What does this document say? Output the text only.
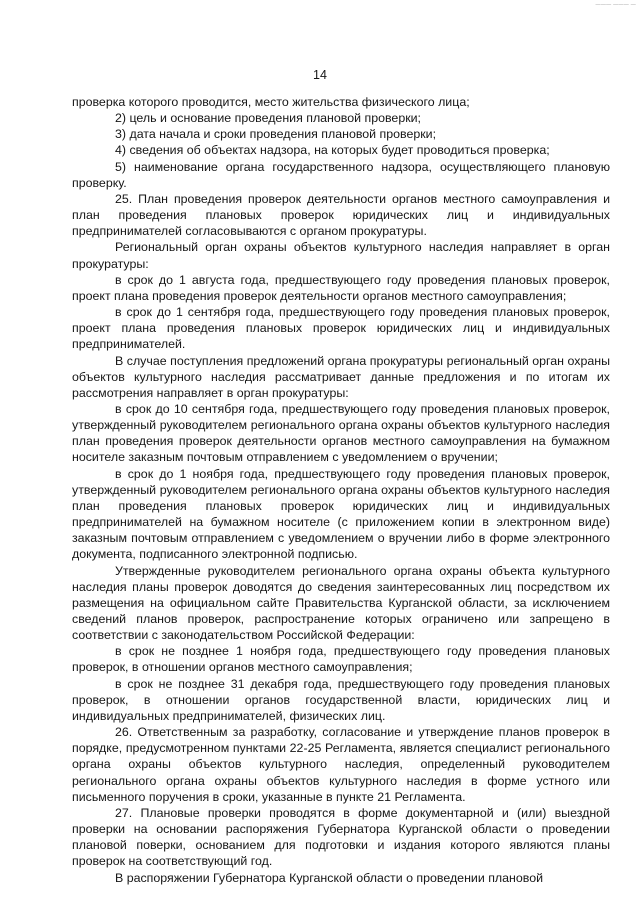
——— ——— —
14

проверка которого проводится, место жительства физического лица;

2) цель и основание проведения плановой проверки;

3) дата начала и сроки проведения плановой проверки;

4) сведения об объектах надзора, на которых будет проводиться проверка;

5) наименование органа государственного надзора, осуществляющего плановую проверку.

25. План проведения проверок деятельности органов местного самоуправления и план проведения плановых проверок юридических лиц и индивидуальных предпринимателей согласовываются с органом прокуратуры.

Региональный орган охраны объектов культурного наследия направляет в орган прокуратуры:

в срок до 1 августа года, предшествующего году проведения плановых проверок, проект плана проведения проверок деятельности органов местного самоуправления;

в срок до 1 сентября года, предшествующего году проведения плановых проверок, проект плана проведения плановых проверок юридических лиц и индивидуальных предпринимателей.

В случае поступления предложений органа прокуратуры региональный орган охраны объектов культурного наследия рассматривает данные предложения и по итогам их рассмотрения направляет в орган прокуратуры:

в срок до 10 сентября года, предшествующего году проведения плановых проверок, утвержденный руководителем регионального органа охраны объектов культурного наследия план проведения проверок деятельности органов местного самоуправления на бумажном носителе заказным почтовым отправлением с уведомлением о вручении;

в срок до 1 ноября года, предшествующего году проведения плановых проверок, утвержденный руководителем регионального органа охраны объектов культурного наследия план проведения плановых проверок юридических лиц и индивидуальных предпринимателей на бумажном носителе (с приложением копии в электронном виде) заказным почтовым отправлением с уведомлением о вручении либо в форме электронного документа, подписанного электронной подписью.

Утвержденные руководителем регионального органа охраны объекта культурного наследия планы проверок доводятся до сведения заинтересованных лиц посредством их размещения на официальном сайте Правительства Курганской области, за исключением сведений планов проверок, распространение которых ограничено или запрещено в соответствии с законодательством Российской Федерации:

в срок не позднее 1 ноября года, предшествующего году проведения плановых проверок, в отношении органов местного самоуправления;

в срок не позднее 31 декабря года, предшествующего году проведения плановых проверок, в отношении органов государственной власти, юридических лиц и индивидуальных предпринимателей, физических лиц.

26. Ответственным за разработку, согласование и утверждение планов проверок в порядке, предусмотренном пунктами 22-25 Регламента, является специалист регионального органа охраны объектов культурного наследия, определенный руководителем регионального органа охраны объектов культурного наследия в форме устного или письменного поручения в сроки, указанные в пункте 21 Регламента.

27. Плановые проверки проводятся в форме документарной и (или) выездной проверки на основании распоряжения Губернатора Курганской области о проведении плановой поверки, основанием для подготовки и издания которого являются планы проверок на соответствующий год.

В распоряжении Губернатора Курганской области о проведении плановой
